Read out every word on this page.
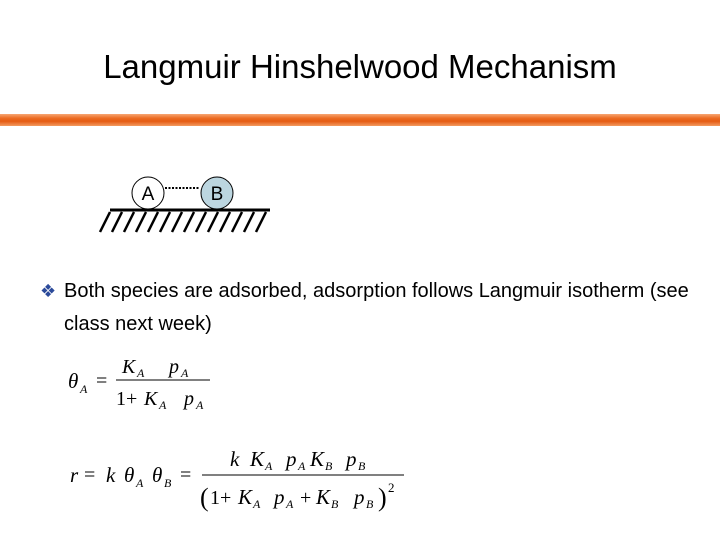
Langmuir Hinshelwood Mechanism
A	B
❖ Both species are adsorbed, adsorption follows Langmuir isotherm (see class next week)
θ A =
K A p A
1+ K A p A
r = k θ A θ B =
k K A p A K B p B
( 1+ K A p A + K B p B ) 2
